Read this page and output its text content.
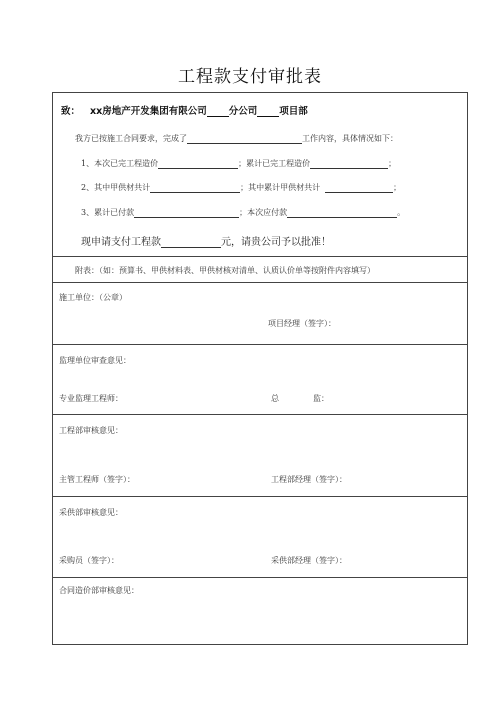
工程款支付审批表
致： xx房地产开发集团有限公司 分公司 项目部
我方已按施工合同要求，完成了	工作内容，具体情况如下：
1、本次已完工程造价	；累计已完工程造价	；
2、其中甲供材共计	；其中累计甲供材共计	；
3、累计已付款	；本次应付款	。
现申请支付工程款	元，请贵公司予以批准！
附表：（如：预算书、甲供材料表、甲供材核对清单、认质认价单等按附件内容填写）
施工单位：（公章）
项目经理（签字）：
监理单位审查意见：
专业监理工程师：	总	监：
工程部审核意见：
主管工程师（签字）：	工程部经理（签字）：
采供部审核意见：
采购员（签字）：	采供部经理（签字）：
合同造价部审核意见：
